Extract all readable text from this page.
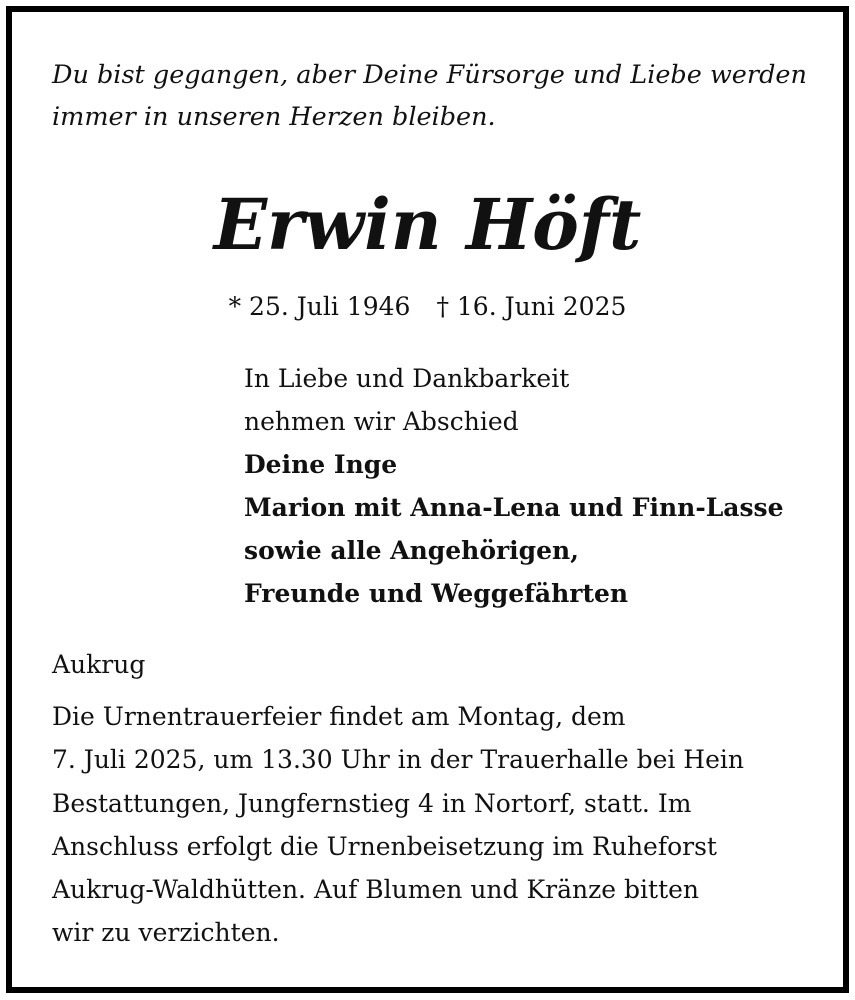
Du bist gegangen, aber Deine Fürsorge und Liebe werden
immer in unseren Herzen bleiben.
Erwin Höft
* 25. Juli 1946 † 16. Juni 2025
In Liebe und Dankbarkeit
nehmen wir Abschied
Deine Inge
Marion mit Anna-Lena und Finn-Lasse
sowie alle Angehörigen,
Freunde und Weggefährten
Aukrug
Die Urnentrauerfeier findet am Montag, dem
7. Juli 2025, um 13.30 Uhr in der Trauerhalle bei Hein
Bestattungen, Jungfernstieg 4 in Nortorf, statt. Im
Anschluss erfolgt die Urnenbeisetzung im Ruheforst
Aukrug-Waldhütten. Auf Blumen und Kränze bitten
wir zu verzichten.
